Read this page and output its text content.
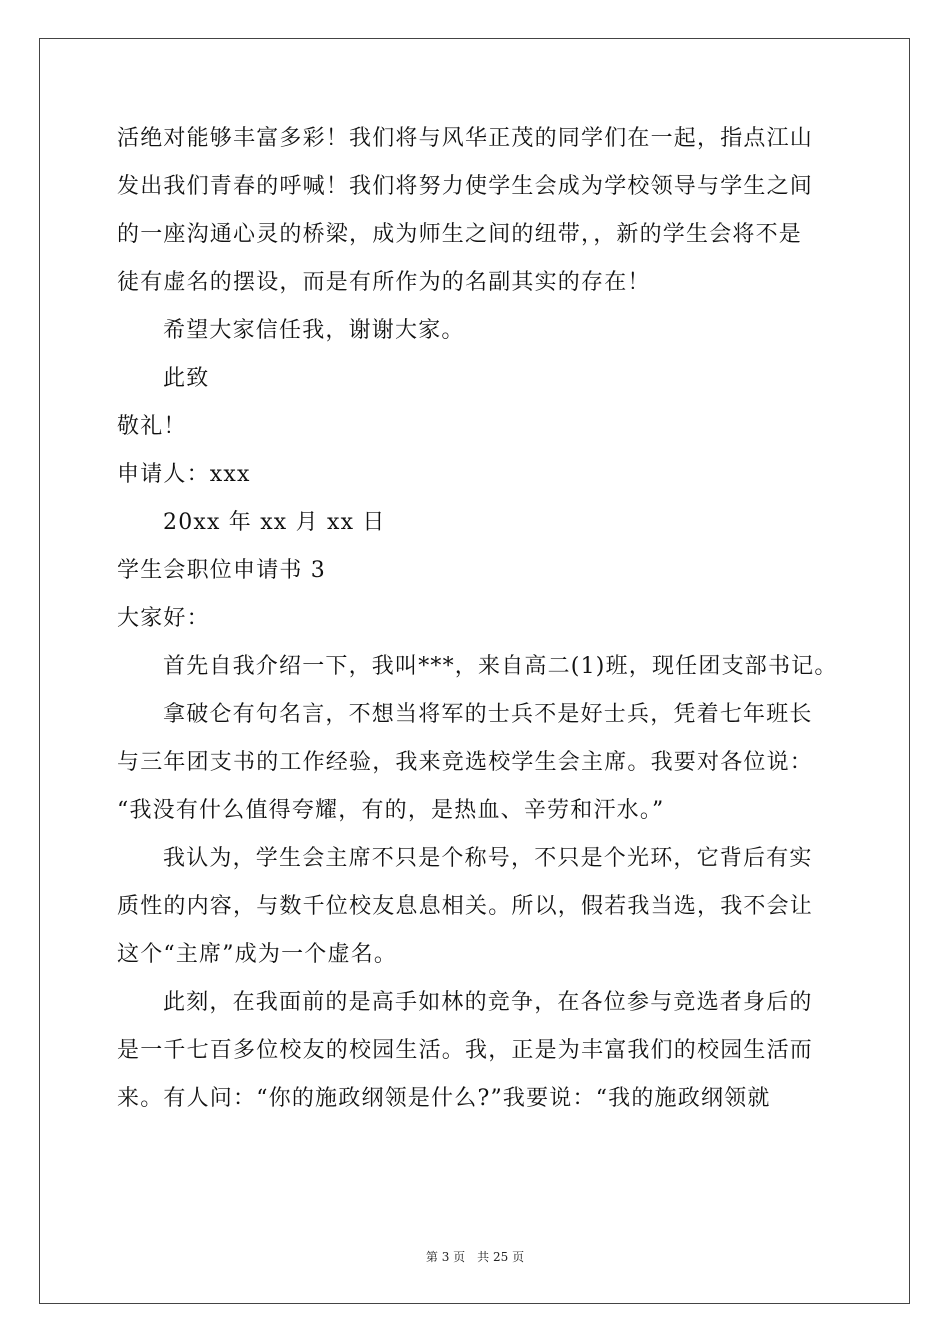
活绝对能够丰富多彩！我们将与风华正茂的同学们在一起，指点江山
发出我们青春的呼喊！我们将努力使学生会成为学校领导与学生之间
的一座沟通心灵的桥梁，成为师生之间的纽带，，新的学生会将不是
徒有虚名的摆设，而是有所作为的名副其实的存在！
希望大家信任我，谢谢大家。
此致
敬礼！
申请人：xxx
20xx 年 xx 月 xx 日
学生会职位申请书 3
大家好：
首先自我介绍一下，我叫***，来自高二(1)班，现任团支部书记。
拿破仑有句名言，不想当将军的士兵不是好士兵，凭着七年班长
与三年团支书的工作经验，我来竞选校学生会主席。我要对各位说：
“我没有什么值得夸耀，有的，是热血、辛劳和汗水。”
我认为，学生会主席不只是个称号，不只是个光环，它背后有实
质性的内容，与数千位校友息息相关。所以，假若我当选，我不会让
这个“主席”成为一个虚名。
此刻，在我面前的是高手如林的竞争，在各位参与竞选者身后的
是一千七百多位校友的校园生活。我，正是为丰富我们的校园生活而
来。有人问：“你的施政纲领是什么?”我要说：“我的施政纲领就
第 3 页　共 25 页
